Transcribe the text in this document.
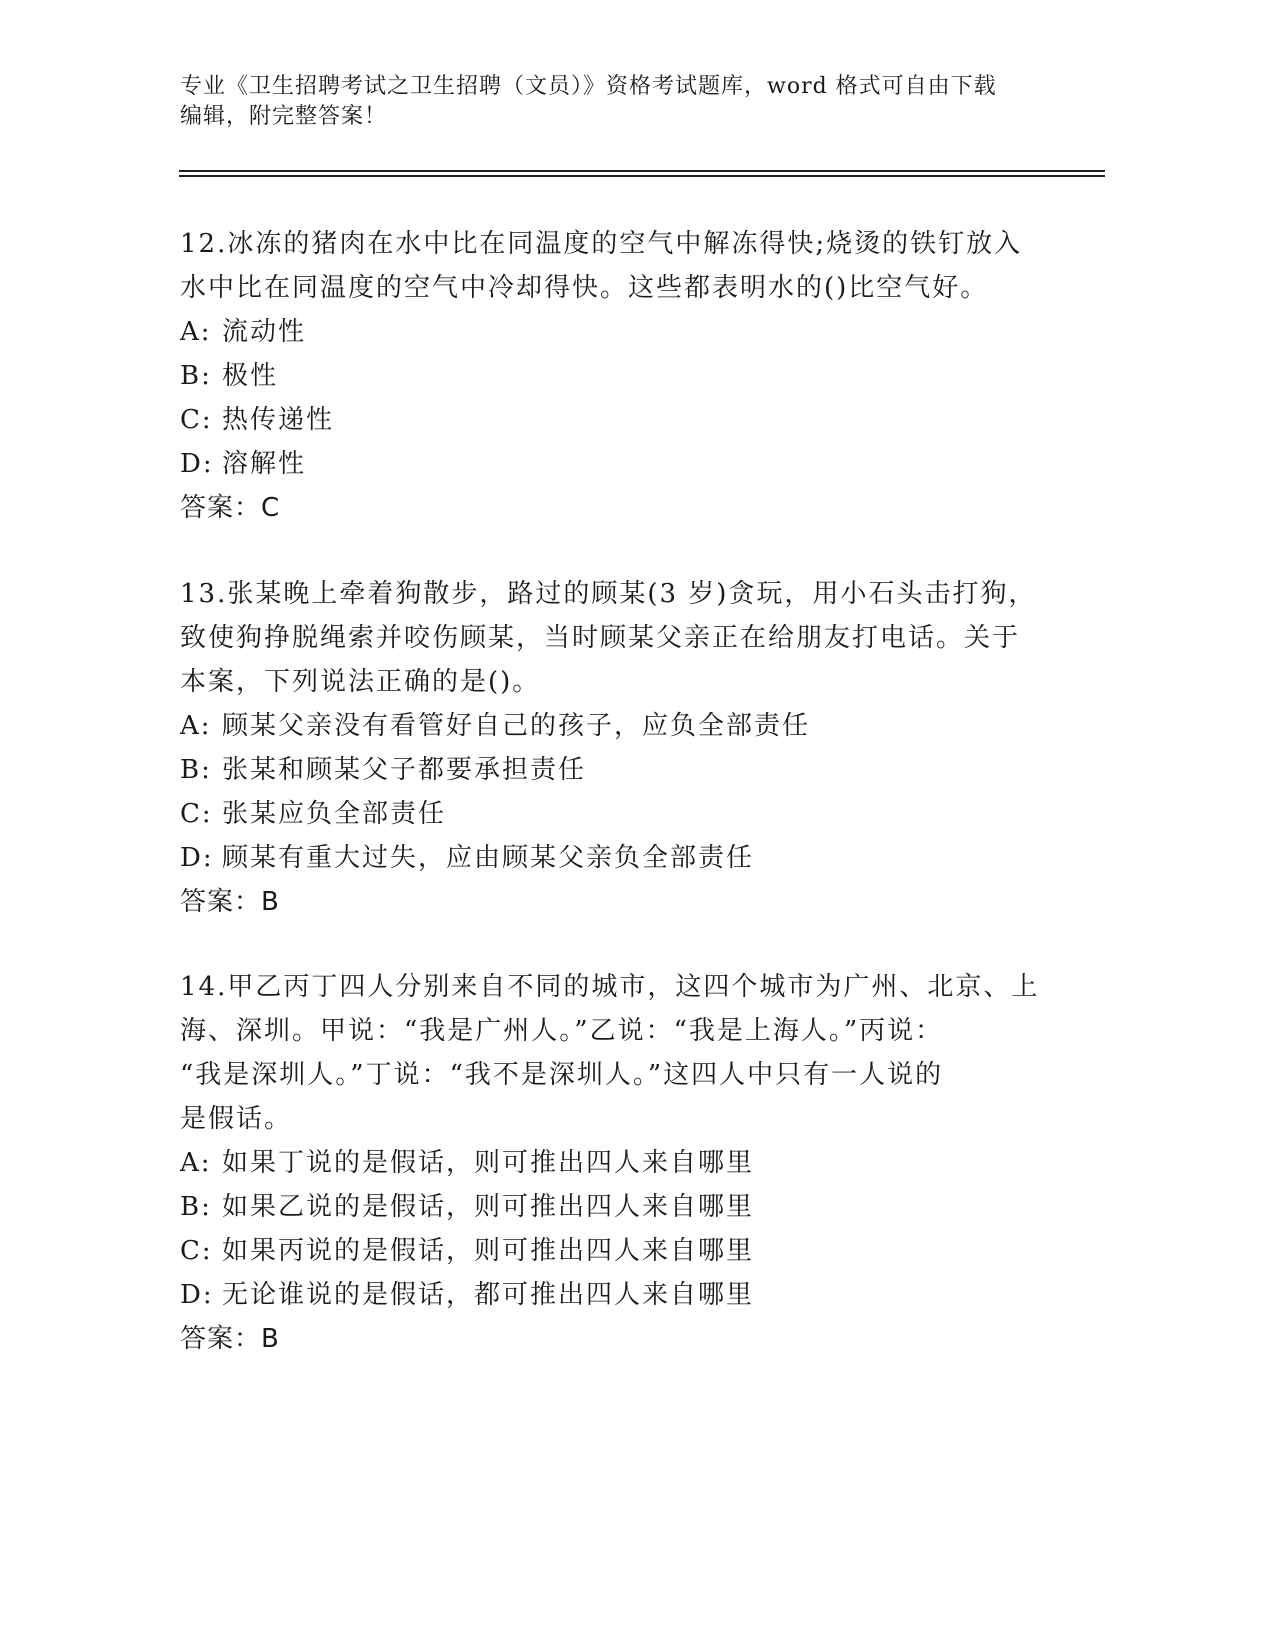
专业《卫生招聘考试之卫生招聘（文员）》资格考试题库，word 格式可自由下载
编辑，附完整答案！
12.冰冻的猪肉在水中比在同温度的空气中解冻得快;烧烫的铁钉放入
水中比在同温度的空气中冷却得快。这些都表明水的()比空气好。
A: 流动性
B: 极性
C: 热传递性
D: 溶解性
答案：C
13.张某晚上牵着狗散步，路过的顾某(3 岁)贪玩，用小石头击打狗，
致使狗挣脱绳索并咬伤顾某，当时顾某父亲正在给朋友打电话。关于
本案，下列说法正确的是()。
A: 顾某父亲没有看管好自己的孩子，应负全部责任
B: 张某和顾某父子都要承担责任
C: 张某应负全部责任
D: 顾某有重大过失，应由顾某父亲负全部责任
答案：B
14.甲乙丙丁四人分别来自不同的城市，这四个城市为广州、北京、上
海、深圳。甲说：“我是广州人。”乙说：“我是上海人。”丙说：
“我是深圳人。”丁说：“我不是深圳人。”这四人中只有一人说的
是假话。
A: 如果丁说的是假话，则可推出四人来自哪里
B: 如果乙说的是假话，则可推出四人来自哪里
C: 如果丙说的是假话，则可推出四人来自哪里
D: 无论谁说的是假话，都可推出四人来自哪里
答案：B
